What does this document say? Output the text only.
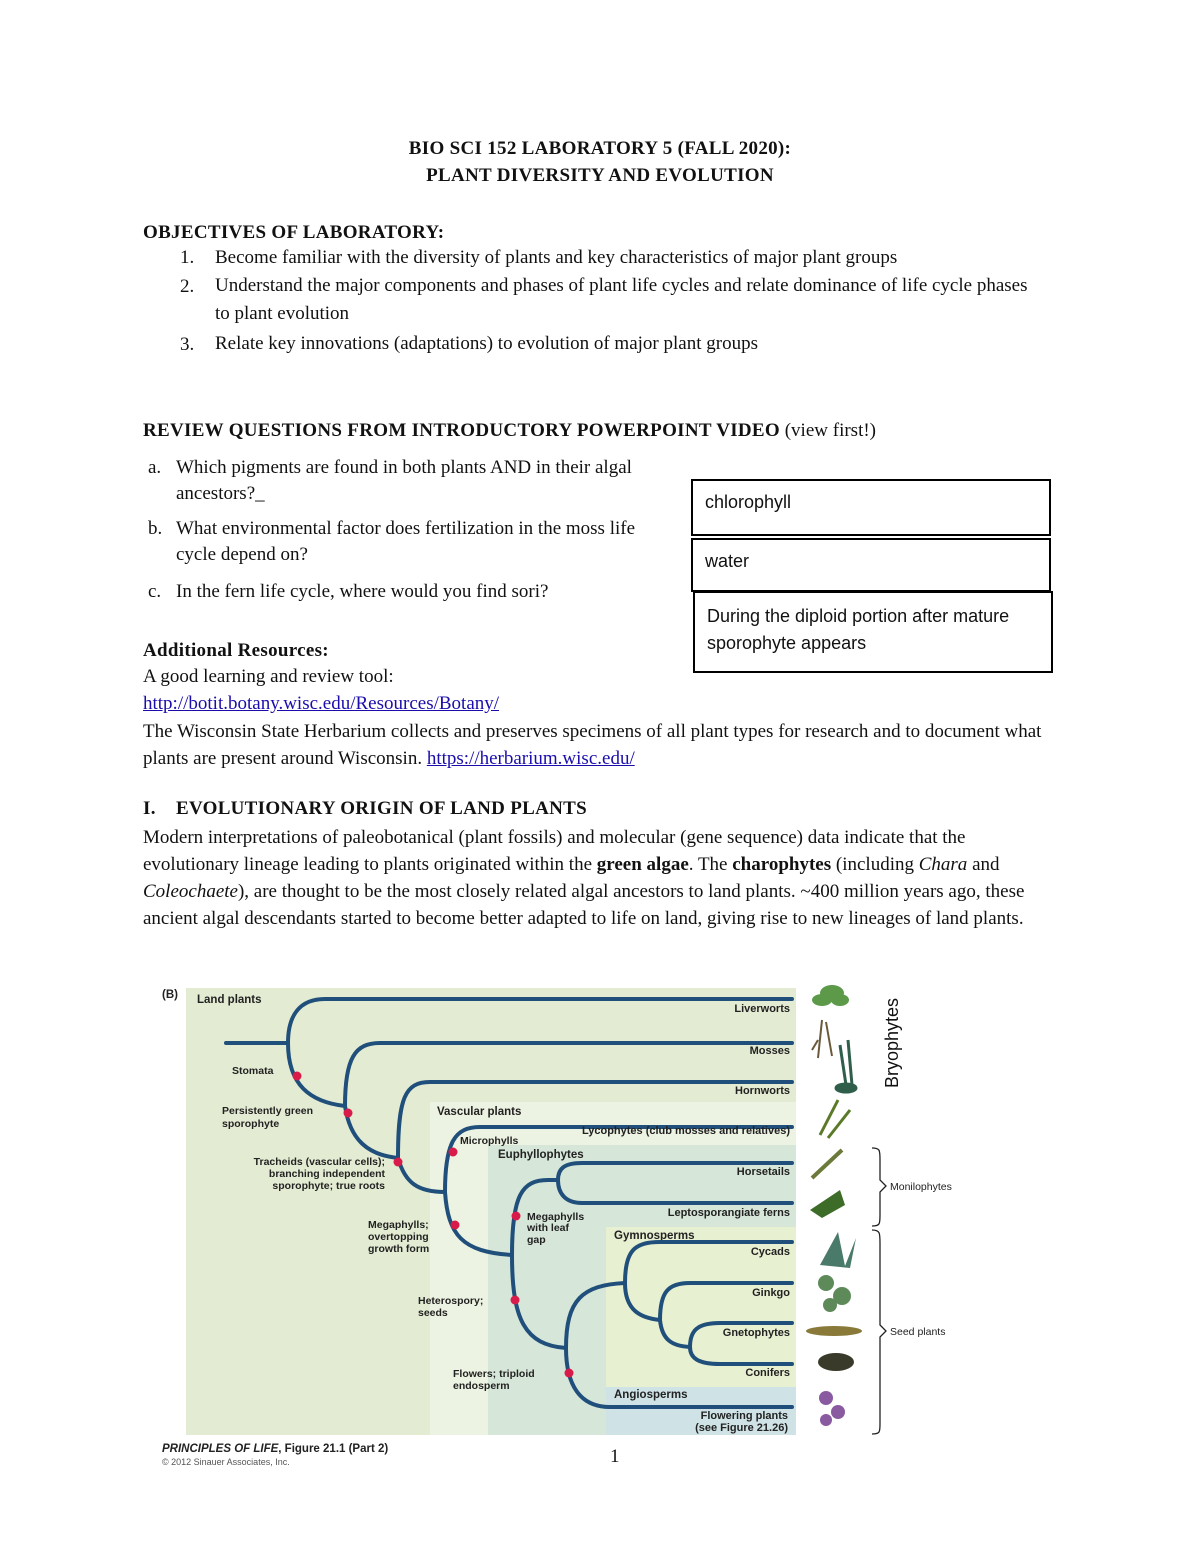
BIO SCI 152 LABORATORY 5 (FALL 2020):
PLANT DIVERSITY AND EVOLUTION
OBJECTIVES OF LABORATORY:
1. Become familiar with the diversity of plants and key characteristics of major plant groups
2. Understand the major components and phases of plant life cycles and relate dominance of life cycle phases to plant evolution
3. Relate key innovations (adaptations) to evolution of major plant groups
REVIEW QUESTIONS FROM INTRODUCTORY POWERPOINT VIDEO (view first!)
a. Which pigments are found in both plants AND in their algal ancestors?_
b. What environmental factor does fertilization in the moss life cycle depend on?
c. In the fern life cycle, where would you find sori?
chlorophyll
water
During the diploid portion after mature sporophyte appears
Additional Resources:
A good learning and review tool:
http://botit.botany.wisc.edu/Resources/Botany/
The Wisconsin State Herbarium collects and preserves specimens of all plant types for research and to document what plants are present around Wisconsin. https://herbarium.wisc.edu/
I. EVOLUTIONARY ORIGIN OF LAND PLANTS
Modern interpretations of paleobotanical (plant fossils) and molecular (gene sequence) data indicate that the evolutionary lineage leading to plants originated within the green algae. The charophytes (including Chara and Coleochaete), are thought to be the most closely related algal ancestors to land plants. ~400 million years ago, these ancient algal descendants started to become better adapted to life on land, giving rise to new lineages of land plants.
(B) Land plants
Vascular plants
Euphyllophytes
Gymnosperms
Angiosperms
Liverworts
Mosses
Hornworts
Lycophytes (club mosses and relatives)
Horsetails
Leptosporangiate ferns
Cycads
Ginkgo
Gnetophytes
Conifers
Flowering plants
(see Figure 21.26)
Stomata
Persistently green
sporophyte
Tracheids (vascular cells);
branching independent
sporophyte; true roots
Microphylls
Megaphylls;
overtopping
growth form
Megaphylls
with leaf
gap
Heterospory;
seeds
Flowers; triploid
endosperm
Bryophytes
Monilophytes
Seed plants
PRINCIPLES OF LIFE, Figure 21.1 (Part 2)
© 2012 Sinauer Associates, Inc.	1
